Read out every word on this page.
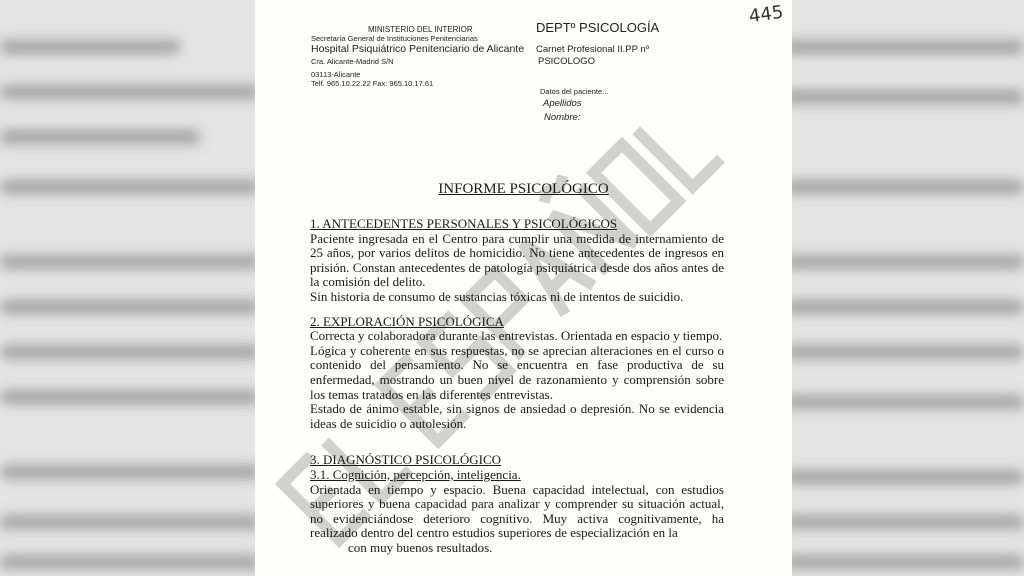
MINISTERIO DEL INTERIOR
Secretaría General de Instituciones Penitenciarias
Hospital Psiquiátrico Penitenciario de Alicante
Cra. Alicante-Madrid S/N
03113-Alicante
Telf. 965.10.22.22 Fax: 965.10.17.61
DEPTº PSICOLOGÍA
Carnet Profesional II.PP nº
PSICOLOGO
Datos del paciente...
Apellidos
Nombre:
445
INFORME PSICOLÓGICO
1. ANTECEDENTES PERSONALES Y PSICOLÓGICOS
Paciente ingresada en el Centro para cumplir una medida de internamiento de 25 años, por varios delitos de homicidio. No tiene antecedentes de ingresos en prisión. Constan antecedentes de patología psiquiátrica desde dos años antes de la comisión del delito.
Sin historia de consumo de sustancias tóxicas ni de intentos de suicidio.
2. EXPLORACIÓN PSICOLÓGICA
Correcta y colaboradora durante las entrevistas. Orientada en espacio y tiempo.
Lógica y coherente en sus respuestas, no se aprecian alteraciones en el curso o contenido del pensamiento. No se encuentra en fase productiva de su enfermedad, mostrando un buen nivel de razonamiento y comprensión sobre los temas tratados en las diferentes entrevistas.
Estado de ánimo estable, sin signos de ansiedad o depresión. No se evidencia ideas de suicidio o autolesión.
3. DIAGNÓSTICO PSICOLÓGICO
3.1. Cognición, percepción, inteligencia.
Orientada en tiempo y espacio. Buena capacidad intelectual, con estudios superiores y buena capacidad para analizar y comprender su situación actual, no evidenciándose deterioro cognitivo. Muy activa cognitivamente, ha realizado dentro del centro estudios superiores de especialización en la
con muy buenos resultados.
